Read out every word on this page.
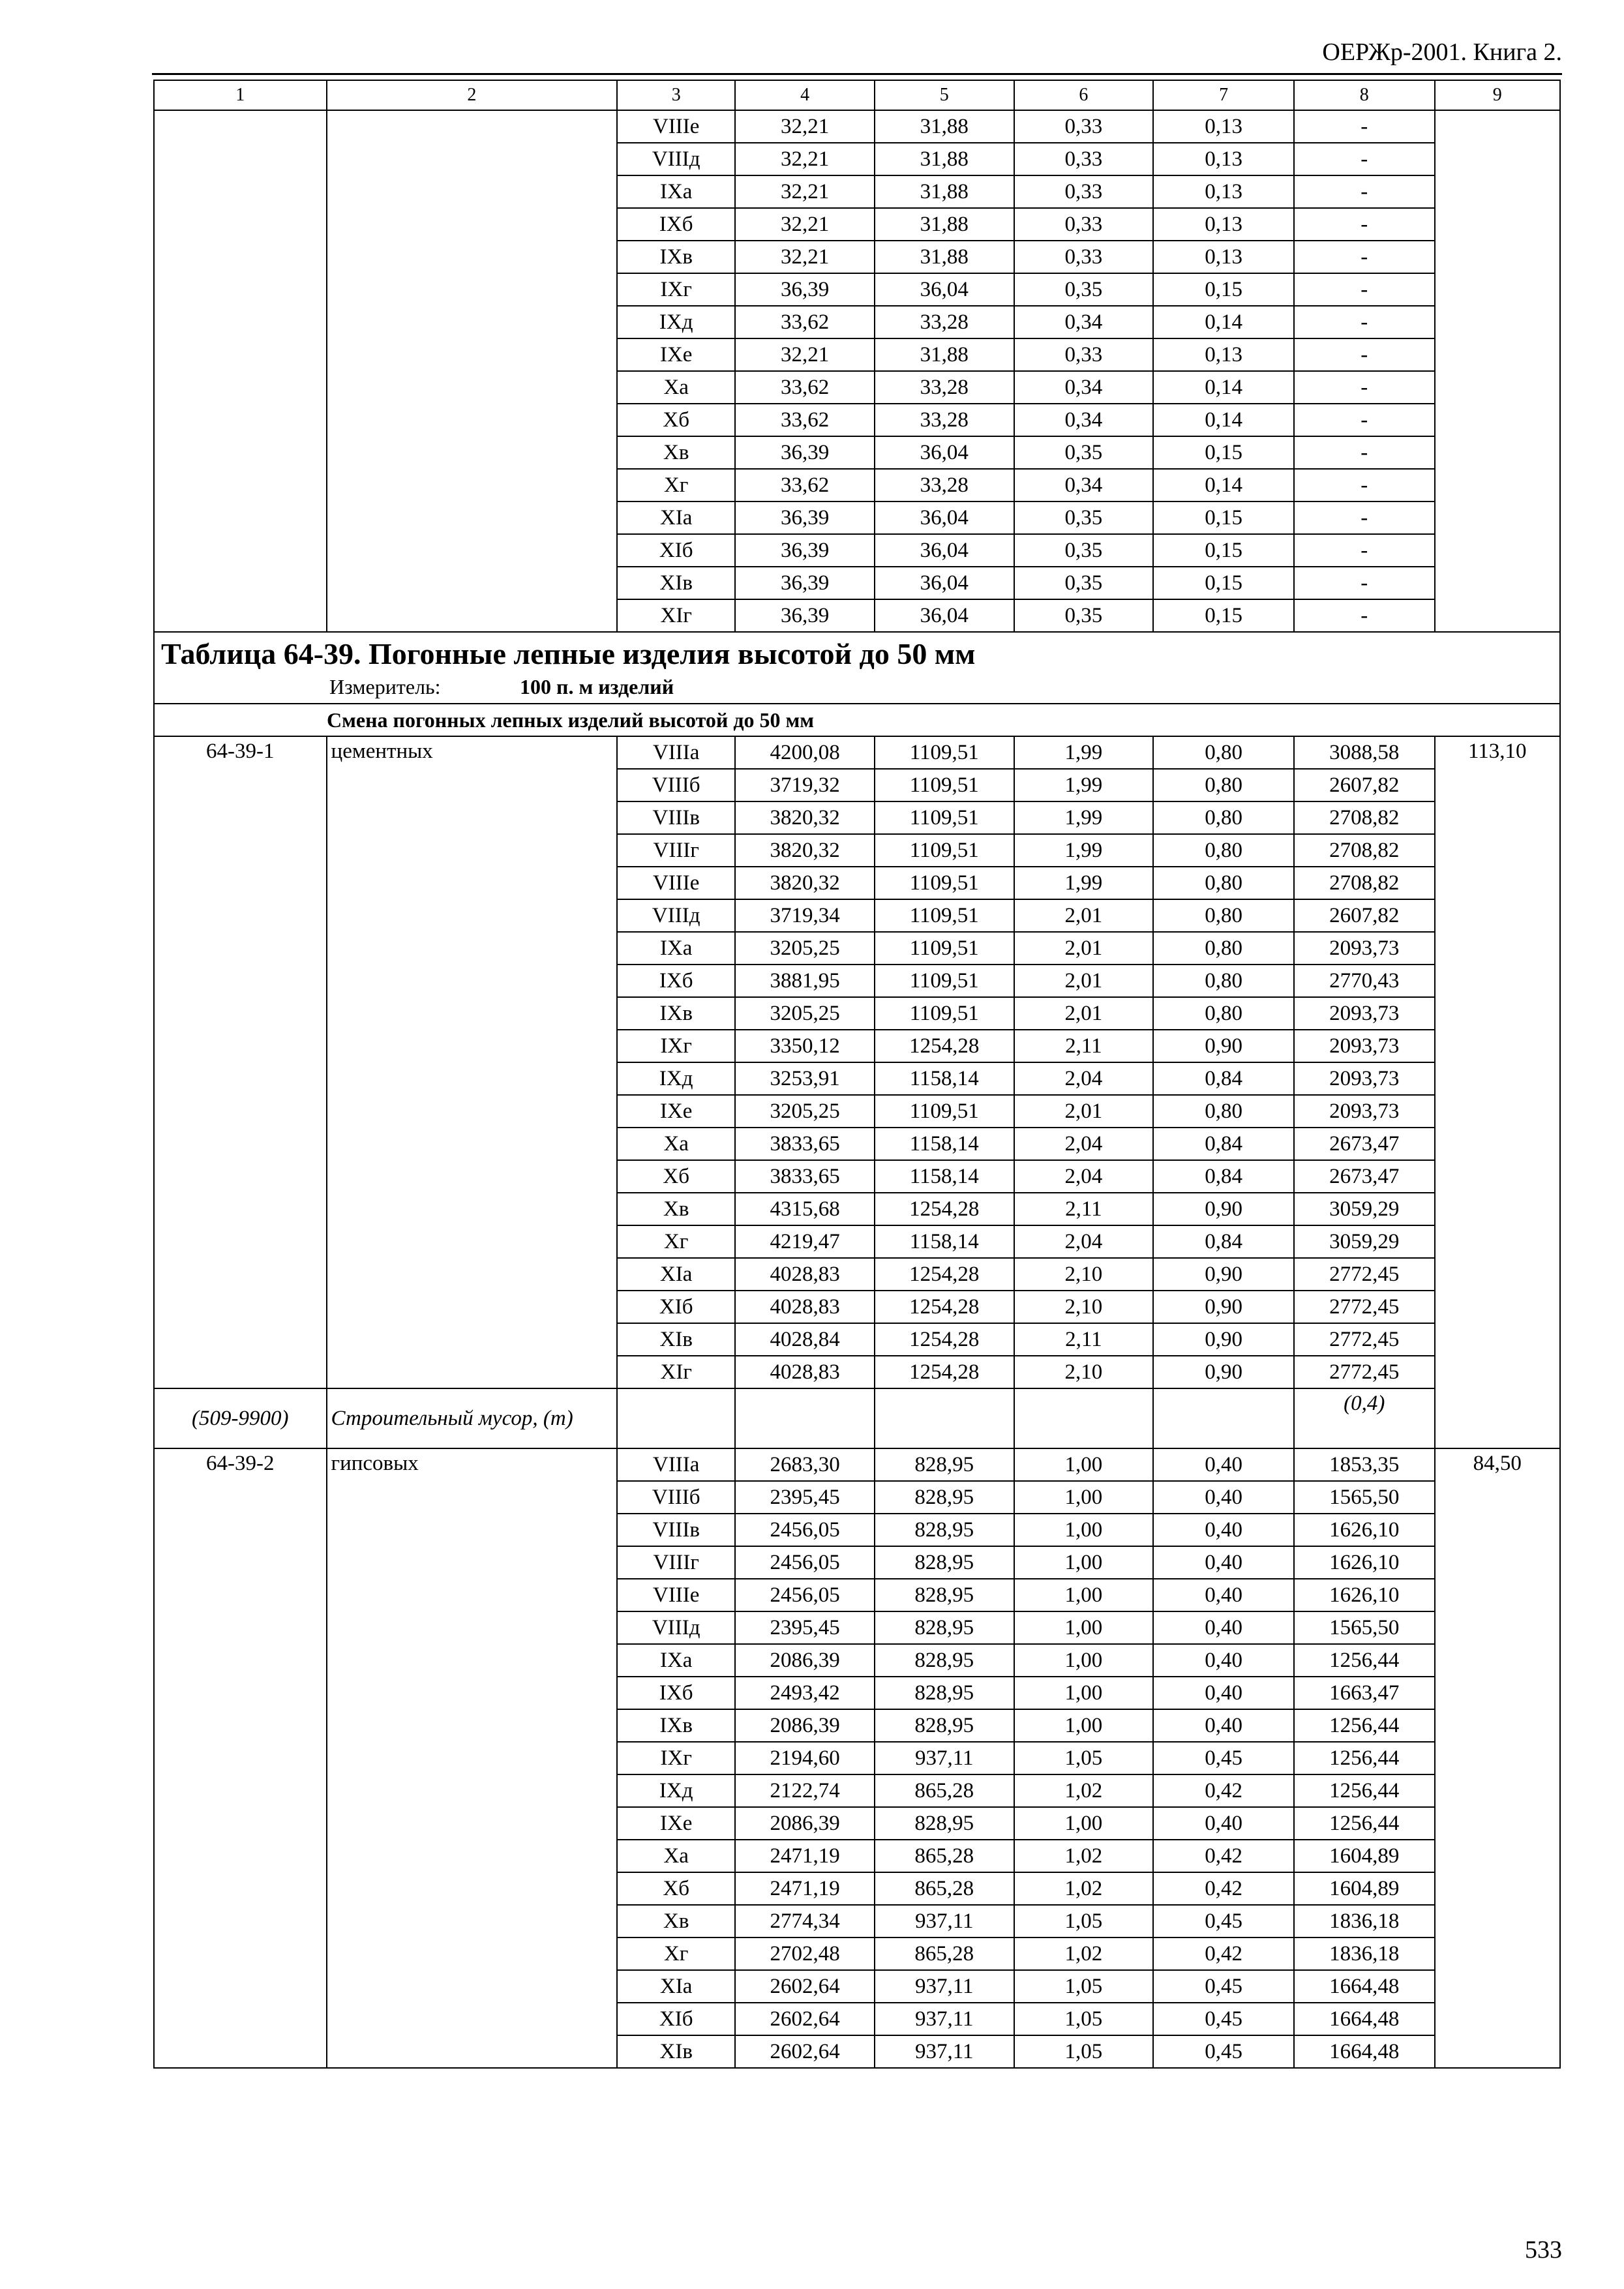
ОЕРЖр-2001. Книга 2.
1	2	3	4	5	6	7	8	9
		VIIIе	32,21	31,88	0,33	0,13	-	
		VIIIд	32,21	31,88	0,33	0,13	-	
		IXа	32,21	31,88	0,33	0,13	-	
		IXб	32,21	31,88	0,33	0,13	-	
		IXв	32,21	31,88	0,33	0,13	-	
		IXг	36,39	36,04	0,35	0,15	-	
		IXд	33,62	33,28	0,34	0,14	-	
		IXе	32,21	31,88	0,33	0,13	-	
		Xа	33,62	33,28	0,34	0,14	-	
		Xб	33,62	33,28	0,34	0,14	-	
		Xв	36,39	36,04	0,35	0,15	-	
		Xг	33,62	33,28	0,34	0,14	-	
		XIа	36,39	36,04	0,35	0,15	-	
		XIб	36,39	36,04	0,35	0,15	-	
		XIв	36,39	36,04	0,35	0,15	-	
		XIг	36,39	36,04	0,35	0,15	-	

Таблица 64-39. Погонные лепные изделия высотой до 50 мм
Измеритель: 100 п. м изделий								

Смена погонных лепных изделий высотой до 50 мм								
64-39-1	цементных	VIIIа	4200,08	1109,51	1,99	0,80	3088,58	113,10
		VIIIб	3719,32	1109,51	1,99	0,80	2607,82	
		VIIIв	3820,32	1109,51	1,99	0,80	2708,82	
		VIIIг	3820,32	1109,51	1,99	0,80	2708,82	
		VIIIе	3820,32	1109,51	1,99	0,80	2708,82	
		VIIIд	3719,34	1109,51	2,01	0,80	2607,82	
		IXа	3205,25	1109,51	2,01	0,80	2093,73	
		IXб	3881,95	1109,51	2,01	0,80	2770,43	
		IXв	3205,25	1109,51	2,01	0,80	2093,73	
		IXг	3350,12	1254,28	2,11	0,90	2093,73	
		IXд	3253,91	1158,14	2,04	0,84	2093,73	
		IXе	3205,25	1109,51	2,01	0,80	2093,73	
		Xа	3833,65	1158,14	2,04	0,84	2673,47	
		Xб	3833,65	1158,14	2,04	0,84	2673,47	
		Xв	4315,68	1254,28	2,11	0,90	3059,29	
		Xг	4219,47	1158,14	2,04	0,84	3059,29	
		XIа	4028,83	1254,28	2,10	0,90	2772,45	
		XIб	4028,83	1254,28	2,10	0,90	2772,45	
		XIв	4028,84	1254,28	2,11	0,90	2772,45	
		XIг	4028,83	1254,28	2,10	0,90	2772,45	
(509-9900)	Строительный мусор, (т)						(0,4)	
64-39-2	гипсовых	VIIIа	2683,30	828,95	1,00	0,40	1853,35	84,50
		VIIIб	2395,45	828,95	1,00	0,40	1565,50	
		VIIIв	2456,05	828,95	1,00	0,40	1626,10	
		VIIIг	2456,05	828,95	1,00	0,40	1626,10	
		VIIIе	2456,05	828,95	1,00	0,40	1626,10	
		VIIIд	2395,45	828,95	1,00	0,40	1565,50	
		IXа	2086,39	828,95	1,00	0,40	1256,44	
		IXб	2493,42	828,95	1,00	0,40	1663,47	
		IXв	2086,39	828,95	1,00	0,40	1256,44	
		IXг	2194,60	937,11	1,05	0,45	1256,44	
		IXд	2122,74	865,28	1,02	0,42	1256,44	
		IXе	2086,39	828,95	1,00	0,40	1256,44	
		Xа	2471,19	865,28	1,02	0,42	1604,89	
		Xб	2471,19	865,28	1,02	0,42	1604,89	
		Xв	2774,34	937,11	1,05	0,45	1836,18	
		Xг	2702,48	865,28	1,02	0,42	1836,18	
		XIа	2602,64	937,11	1,05	0,45	1664,48	
		XIб	2602,64	937,11	1,05	0,45	1664,48	
		XIв	2602,64	937,11	1,05	0,45	1664,48	
533
